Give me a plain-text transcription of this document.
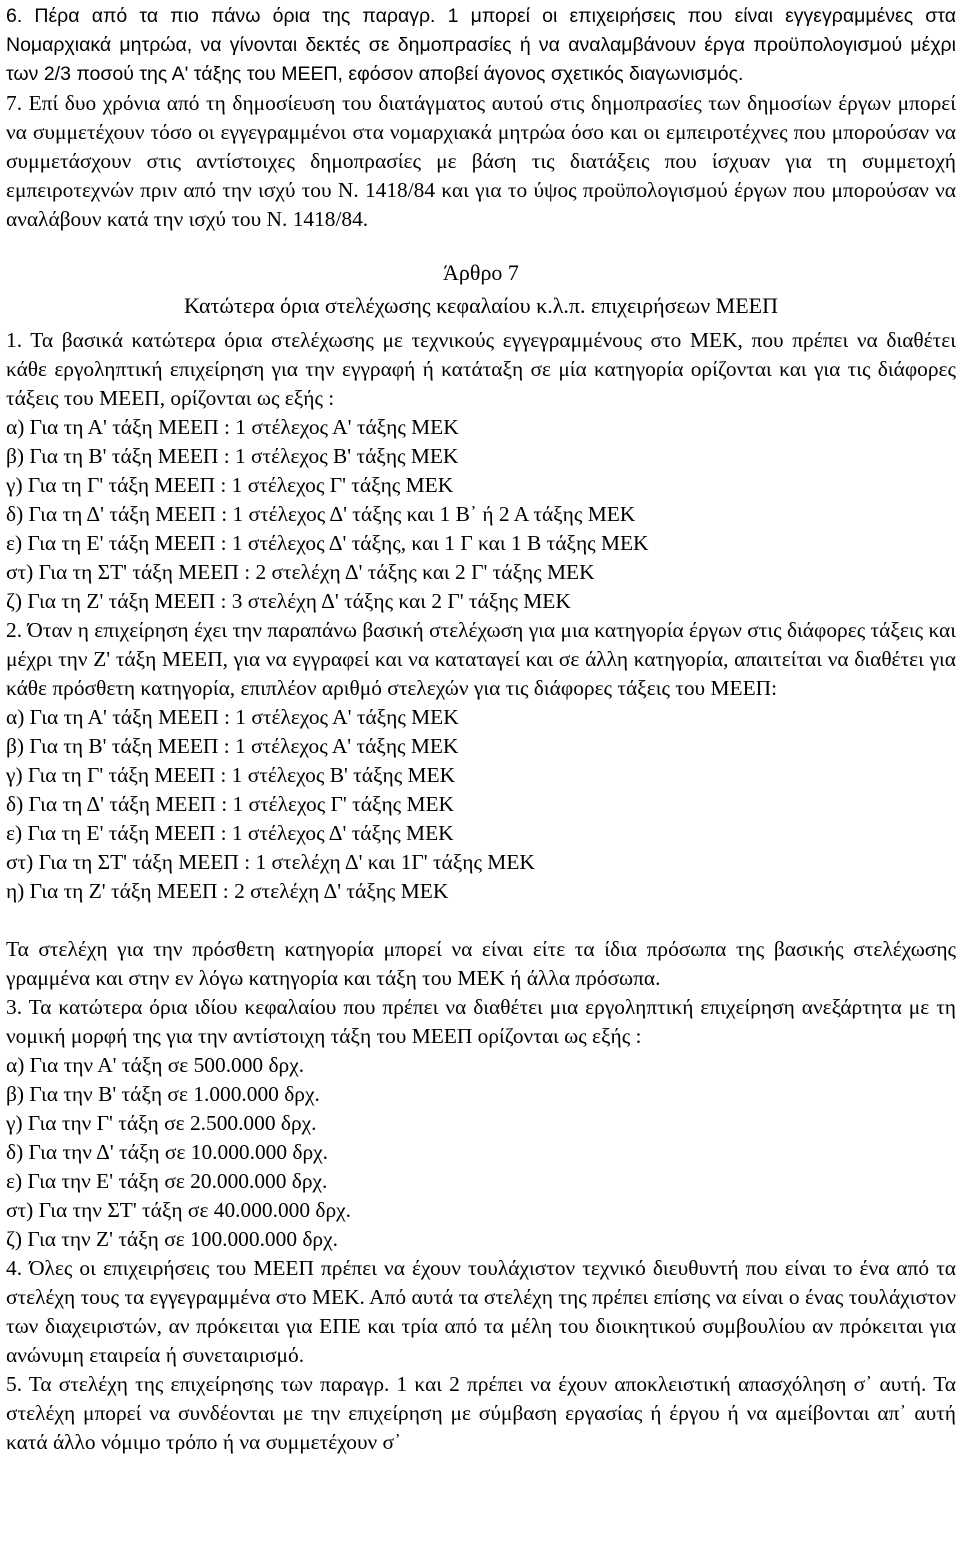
6. Πέρα από τα πιο πάνω όρια της παραγρ. 1 μπορεί οι επιχειρήσεις που είναι εγγεγραμμένες στα Νομαρχιακά μητρώα, να γίνονται δεκτές σε δημοπρασίες ή να αναλαμβάνουν έργα προϋπολογισμού μέχρι των 2/3 ποσού της Α' τάξης του ΜΕΕΠ, εφόσον αποβεί άγονος σχετικός διαγωνισμός.

7. Επί δυο χρόνια από τη δημοσίευση του διατάγματος αυτού στις δημοπρασίες των δημοσίων έργων μπορεί να συμμετέχουν τόσο οι εγγεγραμμένοι στα νομαρχιακά μητρώα όσο και οι εμπειροτέχνες που μπορούσαν να συμμετάσχουν στις αντίστοιχες δημοπρασίες με βάση τις διατάξεις που ίσχυαν για τη συμμετοχή εμπειροτεχνών πριν από την ισχύ του Ν. 1418/84 και για το ύψος προϋπολογισμού έργων που μπορούσαν να αναλάβουν κατά την ισχύ του Ν. 1418/84.

Άρθρο 7

Κατώτερα όρια στελέχωσης κεφαλαίου κ.λ.π. επιχειρήσεων ΜΕΕΠ

1. Τα βασικά κατώτερα όρια στελέχωσης με τεχνικούς εγγεγραμμένους στο ΜΕΚ, που πρέπει να διαθέτει κάθε εργοληπτική επιχείρηση για την εγγραφή ή κατάταξη σε μία κατηγορία ορίζονται και για τις διάφορες τάξεις του ΜΕΕΠ, ορίζονται ως εξής :

α) Για τη Α' τάξη ΜΕΕΠ : 1 στέλεχος Α' τάξης ΜΕΚ

β) Για τη Β' τάξη ΜΕΕΠ : 1 στέλεχος Β' τάξης ΜΕΚ

γ) Για τη Γ' τάξη ΜΕΕΠ : 1 στέλεχος Γ' τάξης ΜΕΚ

δ) Για τη Δ' τάξη ΜΕΕΠ : 1 στέλεχος Δ' τάξης και 1 Β᾿ ή 2 Α τάξης ΜΕΚ

ε) Για τη Ε' τάξη ΜΕΕΠ : 1 στέλεχος Δ' τάξης, και 1 Γ και 1 Β τάξης ΜΕΚ

στ) Για τη ΣΤ' τάξη ΜΕΕΠ : 2 στελέχη Δ' τάξης και 2 Γ' τάξης ΜΕΚ

ζ) Για τη Ζ' τάξη ΜΕΕΠ : 3 στελέχη Δ' τάξης και 2 Γ' τάξης ΜΕΚ

2. Όταν η επιχείρηση έχει την παραπάνω βασική στελέχωση για μια κατηγορία έργων στις διάφορες τάξεις και μέχρι την Ζ' τάξη ΜΕΕΠ, για να εγγραφεί και να καταταγεί και σε άλλη κατηγορία, απαιτείται να διαθέτει για κάθε πρόσθετη κατηγορία, επιπλέον αριθμό στελεχών για τις διάφορες τάξεις του ΜΕΕΠ:

α) Για τη Α' τάξη ΜΕΕΠ : 1 στέλεχος Α' τάξης ΜΕΚ

β) Για τη Β' τάξη ΜΕΕΠ : 1 στέλεχος Α' τάξης ΜΕΚ

γ) Για τη Γ' τάξη ΜΕΕΠ : 1 στέλεχος Β' τάξης ΜΕΚ

δ) Για τη Δ' τάξη ΜΕΕΠ : 1 στέλεχος Γ' τάξης ΜΕΚ

ε) Για τη Ε' τάξη ΜΕΕΠ : 1 στέλεχος Δ' τάξης ΜΕΚ

στ) Για τη ΣΤ' τάξη ΜΕΕΠ : 1 στελέχη Δ' και 1Γ' τάξης ΜΕΚ

η) Για τη Ζ' τάξη ΜΕΕΠ : 2 στελέχη Δ' τάξης ΜΕΚ

Τα στελέχη για την πρόσθετη κατηγορία μπορεί να είναι είτε τα ίδια πρόσωπα της βασικής στελέχωσης γραμμένα και στην εν λόγω κατηγορία και τάξη του ΜΕΚ ή άλλα πρόσωπα.

3. Τα κατώτερα όρια ιδίου κεφαλαίου που πρέπει να διαθέτει μια εργοληπτική επιχείρηση ανεξάρτητα με τη νομική μορφή της για την αντίστοιχη τάξη του ΜΕΕΠ ορίζονται ως εξής :

α) Για την Α' τάξη σε 500.000 δρχ.

β) Για την Β' τάξη σε 1.000.000 δρχ.

γ) Για την Γ' τάξη σε 2.500.000 δρχ.

δ) Για την Δ' τάξη σε 10.000.000 δρχ.

ε) Για την Ε' τάξη σε 20.000.000 δρχ.

στ) Για την ΣΤ' τάξη σε 40.000.000 δρχ.

ζ) Για την Ζ' τάξη σε 100.000.000 δρχ.

4. Όλες οι επιχειρήσεις του ΜΕΕΠ πρέπει να έχουν τουλάχιστον τεχνικό διευθυντή που είναι το ένα από τα στελέχη τους τα εγγεγραμμένα στο ΜΕΚ. Από αυτά τα στελέχη της πρέπει επίσης να είναι ο ένας τουλάχιστον των διαχειριστών, αν πρόκειται για ΕΠΕ και τρία από τα μέλη του διοικητικού συμβουλίου αν πρόκειται για ανώνυμη εταιρεία ή συνεταιρισμό.

5. Τα στελέχη της επιχείρησης των παραγρ. 1 και 2 πρέπει να έχουν αποκλειστική απασχόληση σ᾿ αυτή. Τα στελέχη μπορεί να συνδέονται με την επιχείρηση με σύμβαση εργασίας ή έργου ή να αμείβονται απ᾿ αυτή κατά άλλο νόμιμο τρόπο ή να συμμετέχουν σ᾿
